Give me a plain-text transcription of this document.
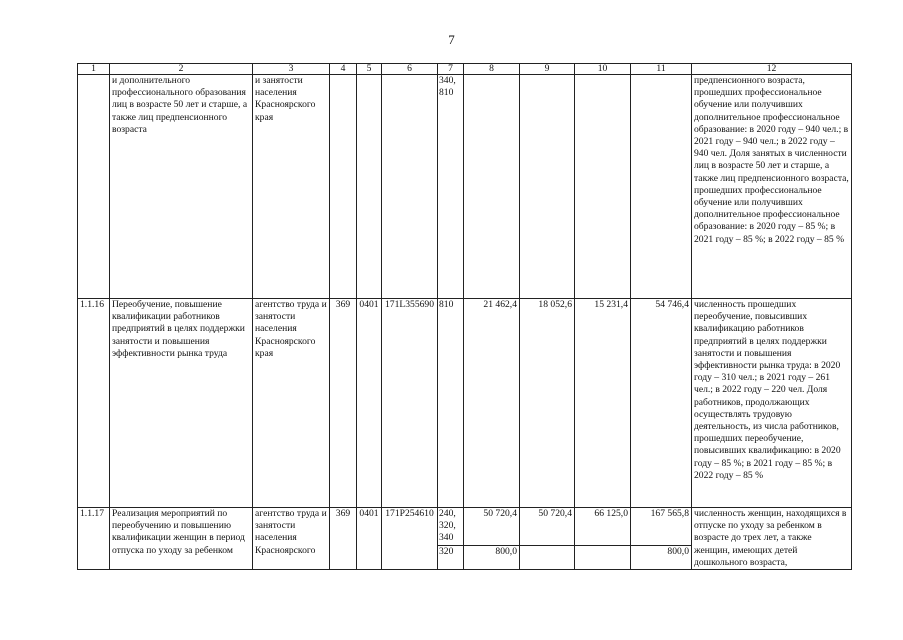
7
1	2	3	4	5	6	7	8	9	10	11	12
	и дополнительного профессионального образования лиц в возрасте 50 лет и старше, а также лиц предпенсионного возраста	и занятости населения Красноярского края				340, 810					предпенсионного возраста, прошедших профессиональное обучение или получивших дополнительное профессиональное образование: в 2020 году – 940 чел.; в 2021 году – 940 чел.; в 2022 году – 940 чел. Доля занятых в численности лиц в возрасте 50 лет и старше, а также лиц предпенсионного возраста, прошедших профессиональное обучение или получивших дополнительное профессиональное образование: в 2020 году – 85 %; в 2021 году – 85 %; в 2022 году – 85 %
1.1.16	Переобучение, повышение квалификации работников предприятий в целях поддержки занятости и повышения эффективности рынка труда	агентство труда и занятости населения Красноярского края	369	0401	171L355690	810	21 462,4	18 052,6	15 231,4	54 746,4	численность прошедших переобучение, повысивших квалификацию работников предприятий в целях поддержки занятости и повышения эффективности рынка труда: в 2020 году – 310 чел.; в 2021 году – 261 чел.; в 2022 году – 220 чел. Доля работников, продолжающих осуществлять трудовую деятельность, из числа работников, прошедших переобучение, повысивших квалификацию: в 2020 году – 85 %; в 2021 году – 85 %; в 2022 году – 85 %
1.1.17	Реализация мероприятий по переобучению и повышению квалификации женщин в период отпуска по уходу за ребенком	агентство труда и занятости населения Красноярского	369	0401	171P254610	240, 320, 340	50 720,4	50 720,4	66 125,0	167 565,8	численность женщин, находящихся в отпуске по уходу за ребенком в возрасте до трех лет, а также женщин, имеющих детей дошкольного возраста,
						320	800,0			800,0	
